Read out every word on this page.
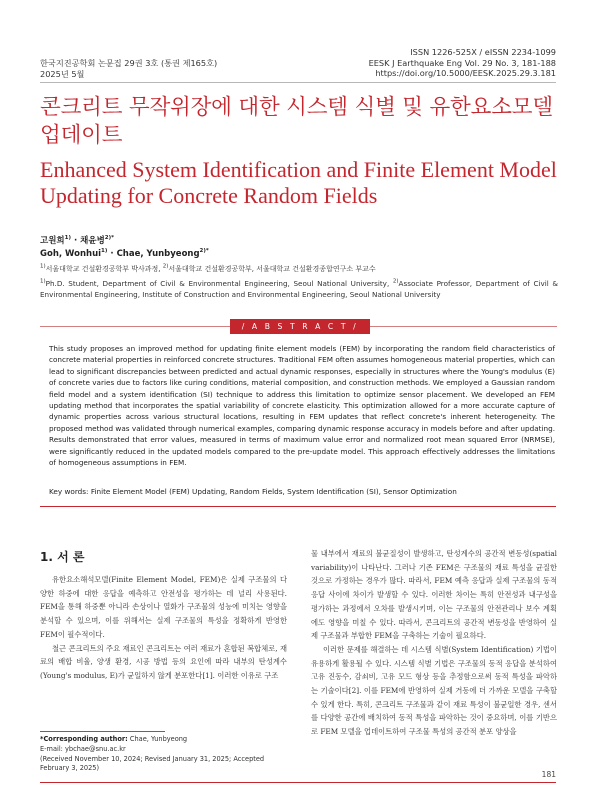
한국지진공학회 논문집 29권 3호 (통권 제165호)
2025년 5월
ISSN 1226-525X / eISSN 2234-1099
EESK J Earthquake Eng Vol. 29 No. 3, 181-188
https://doi.org/10.5000/EESK.2025.29.3.181
콘크리트 무작위장에 대한 시스템 식별 및 유한요소모델 업데이트
Enhanced System Identification and Finite Element Model Updating for Concrete Random Fields
고원희$^{1)}$ · 채윤병$^{2)*}$
Goh, Wonhui$^{1)}$ · Chae, Yunbyeong$^{2)*}$
$^{1)}$서울대학교 건설환경공학부 박사과정, $^{2)}$서울대학교 건설환경공학부, 서울대학교 건설환경종합연구소 부교수
$^{1)}$Ph.D. Student, Department of Civil & Environmental Engineering, Seoul National University, $^{2)}$Associate Professor, Department of Civil & Environmental Engineering, Institute of Construction and Environmental Engineering, Seoul National University
/ A B S T R A C T /
This study proposes an improved method for updating finite element models (FEM) by incorporating the random field characteristics of concrete material properties in reinforced concrete structures. Traditional FEM often assumes homogeneous material properties, which can lead to significant discrepancies between predicted and actual dynamic responses, especially in structures where the Young's modulus (E) of concrete varies due to factors like curing conditions, material composition, and construction methods. We employed a Gaussian random field model and a system identification (SI) technique to address this limitation to optimize sensor placement. We developed an FEM updating method that incorporates the spatial variability of concrete elasticity. This optimization allowed for a more accurate capture of dynamic properties across various structural locations, resulting in FEM updates that reflect concrete's inherent heterogeneity. The proposed method was validated through numerical examples, comparing dynamic response accuracy in models before and after updating. Results demonstrated that error values, measured in terms of maximum value error and normalized root mean squared Error (NRMSE), were significantly reduced in the updated models compared to the pre-update model. This approach effectively addresses the limitations of homogeneous assumptions in FEM.
Key words: Finite Element Model (FEM) Updating, Random Fields, System Identification (SI), Sensor Optimization
1. 서 론

유한요소해석모델(Finite Element Model, FEM)은 실제 구조물의 다양한 하중에 대한 응답을 예측하고 안전성을 평가하는 데 널리 사용된다. FEM을 통해 하중뿐 아니라 손상이나 열화가 구조물의 성능에 미치는 영향을 분석할 수 있으며, 이를 위해서는 실제 구조물의 특성을 정확하게 반영한 FEM이 필수적이다.

철근 콘크리트의 주요 재료인 콘크리트는 여러 재료가 혼합된 복합체로, 재료의 배합 비율, 양생 환경, 시공 방법 등의 요인에 따라 내부의 탄성계수(Young's modulus, E)가 균일하지 않게 분포한다[1]. 이러한 이유로 구조

물 내부에서 재료의 불균질성이 발생하고, 탄성계수의 공간적 변동성(spatial variability)이 나타난다. 그러나 기존 FEM은 구조물의 재료 특성을 균질한 것으로 가정하는 경우가 많다. 따라서, FEM 예측 응답과 실제 구조물의 동적 응답 사이에 차이가 발생할 수 있다. 이러한 차이는 특히 안전성과 내구성을 평가하는 과정에서 오차를 발생시키며, 이는 구조물의 안전관리나 보수 계획에도 영향을 미칠 수 있다. 따라서, 콘크리트의 공간적 변동성을 반영하여 실제 구조물과 부합한 FEM을 구축하는 기술이 필요하다.

이러한 문제를 해결하는 데 시스템 식별(System Identification) 기법이 유용하게 활용될 수 있다. 시스템 식별 기법은 구조물의 동적 응답을 분석하여 고유 진동수, 감쇠비, 고유 모드 형상 등을 추정함으로써 동적 특성을 파악하는 기술이다[2]. 이를 FEM에 반영하여 실제 거동에 더 가까운 모델을 구축할 수 있게 한다. 특히, 콘크리트 구조물과 같이 재료 특성이 불균일한 경우, 센서를 다양한 공간에 배치하여 동적 특성을 파악하는 것이 중요하며, 이를 기반으로 FEM 모델을 업데이트하여 구조물 특성의 공간적 분포 양상을

*Corresponding author: Chae, Yunbyeong
E-mail: ybchae@snu.ac.kr
(Received November 10, 2024; Revised January 31, 2025; Accepted February 3, 2025)
181
